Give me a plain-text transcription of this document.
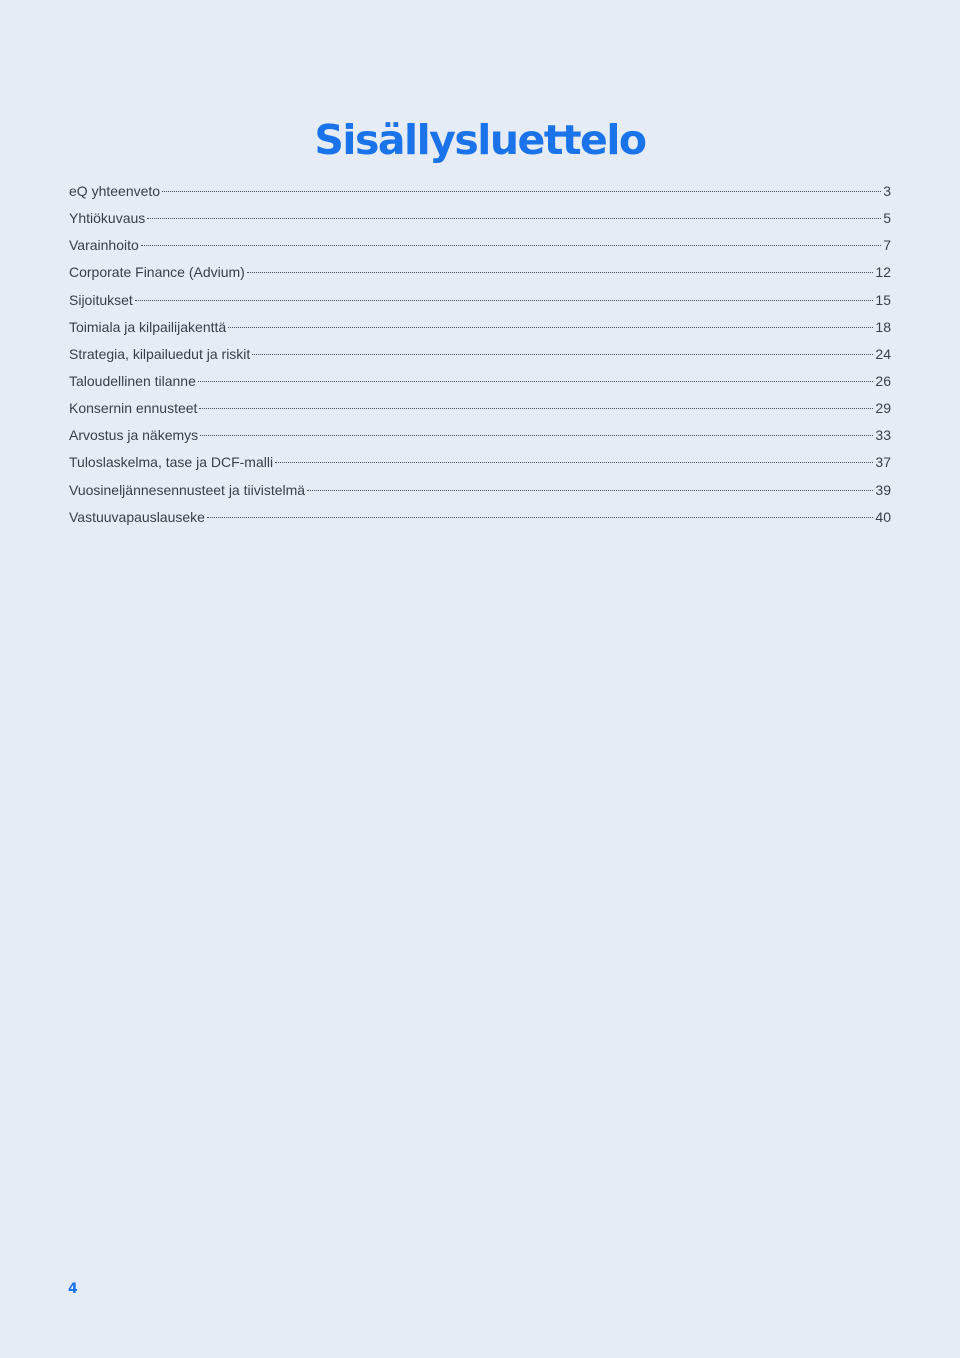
Sisällysluettelo
eQ yhteenveto	3
Yhtiökuvaus	5
Varainhoito	7
Corporate Finance (Advium)	12
Sijoitukset	15
Toimiala ja kilpailijakenttä	18
Strategia, kilpailuedut ja riskit	24
Taloudellinen tilanne	26
Konsernin ennusteet	29
Arvostus ja näkemys	33
Tuloslaskelma, tase ja DCF-malli	37
Vuosineljännesennusteet ja tiivistelmä	39
Vastuuvapauslauseke	40
4
